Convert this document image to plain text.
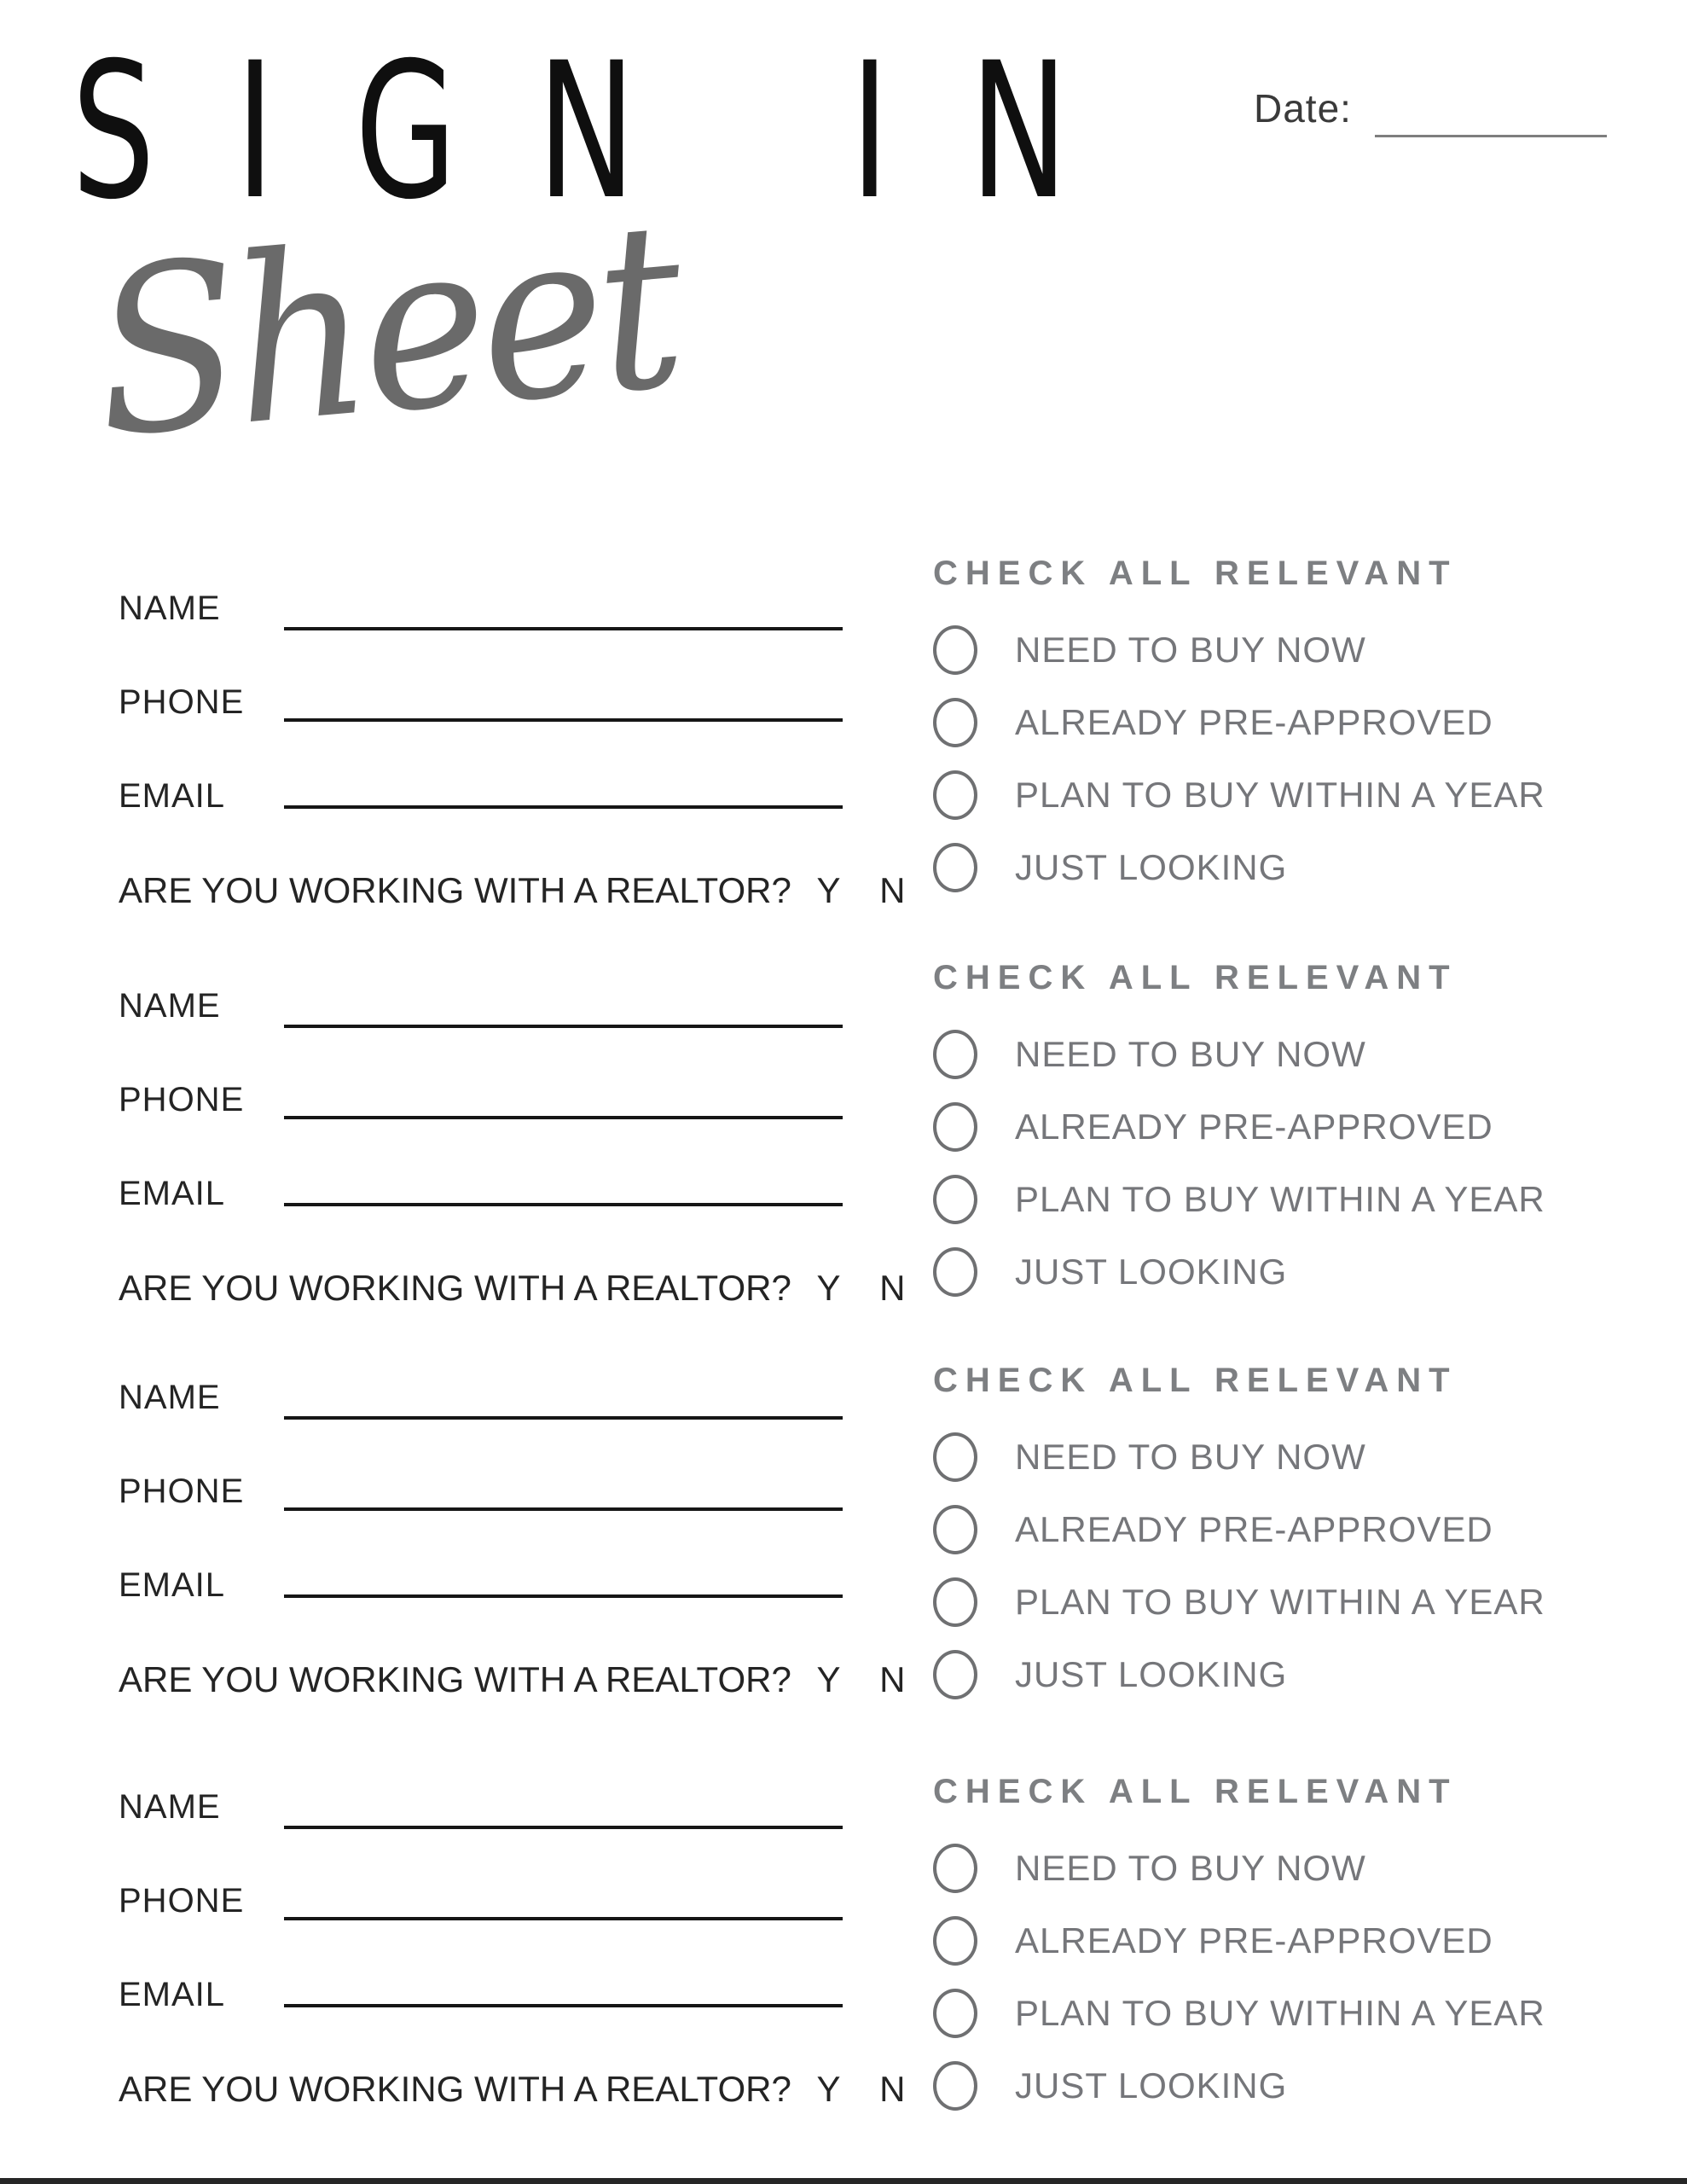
SIGN IN
Sheet
Date:
NAME
PHONE
EMAIL
ARE YOU WORKING WITH A REALTOR? Y N
NAME
PHONE
EMAIL
ARE YOU WORKING WITH A REALTOR? Y N
NAME
PHONE
EMAIL
ARE YOU WORKING WITH A REALTOR? Y N
NAME
PHONE
EMAIL
ARE YOU WORKING WITH A REALTOR? Y N
CHECK ALL RELEVANT
NEED TO BUY NOW
ALREADY PRE-APPROVED
PLAN TO BUY WITHIN A YEAR
JUST LOOKING
CHECK ALL RELEVANT
NEED TO BUY NOW
ALREADY PRE-APPROVED
PLAN TO BUY WITHIN A YEAR
JUST LOOKING
CHECK ALL RELEVANT
NEED TO BUY NOW
ALREADY PRE-APPROVED
PLAN TO BUY WITHIN A YEAR
JUST LOOKING
CHECK ALL RELEVANT
NEED TO BUY NOW
ALREADY PRE-APPROVED
PLAN TO BUY WITHIN A YEAR
JUST LOOKING
